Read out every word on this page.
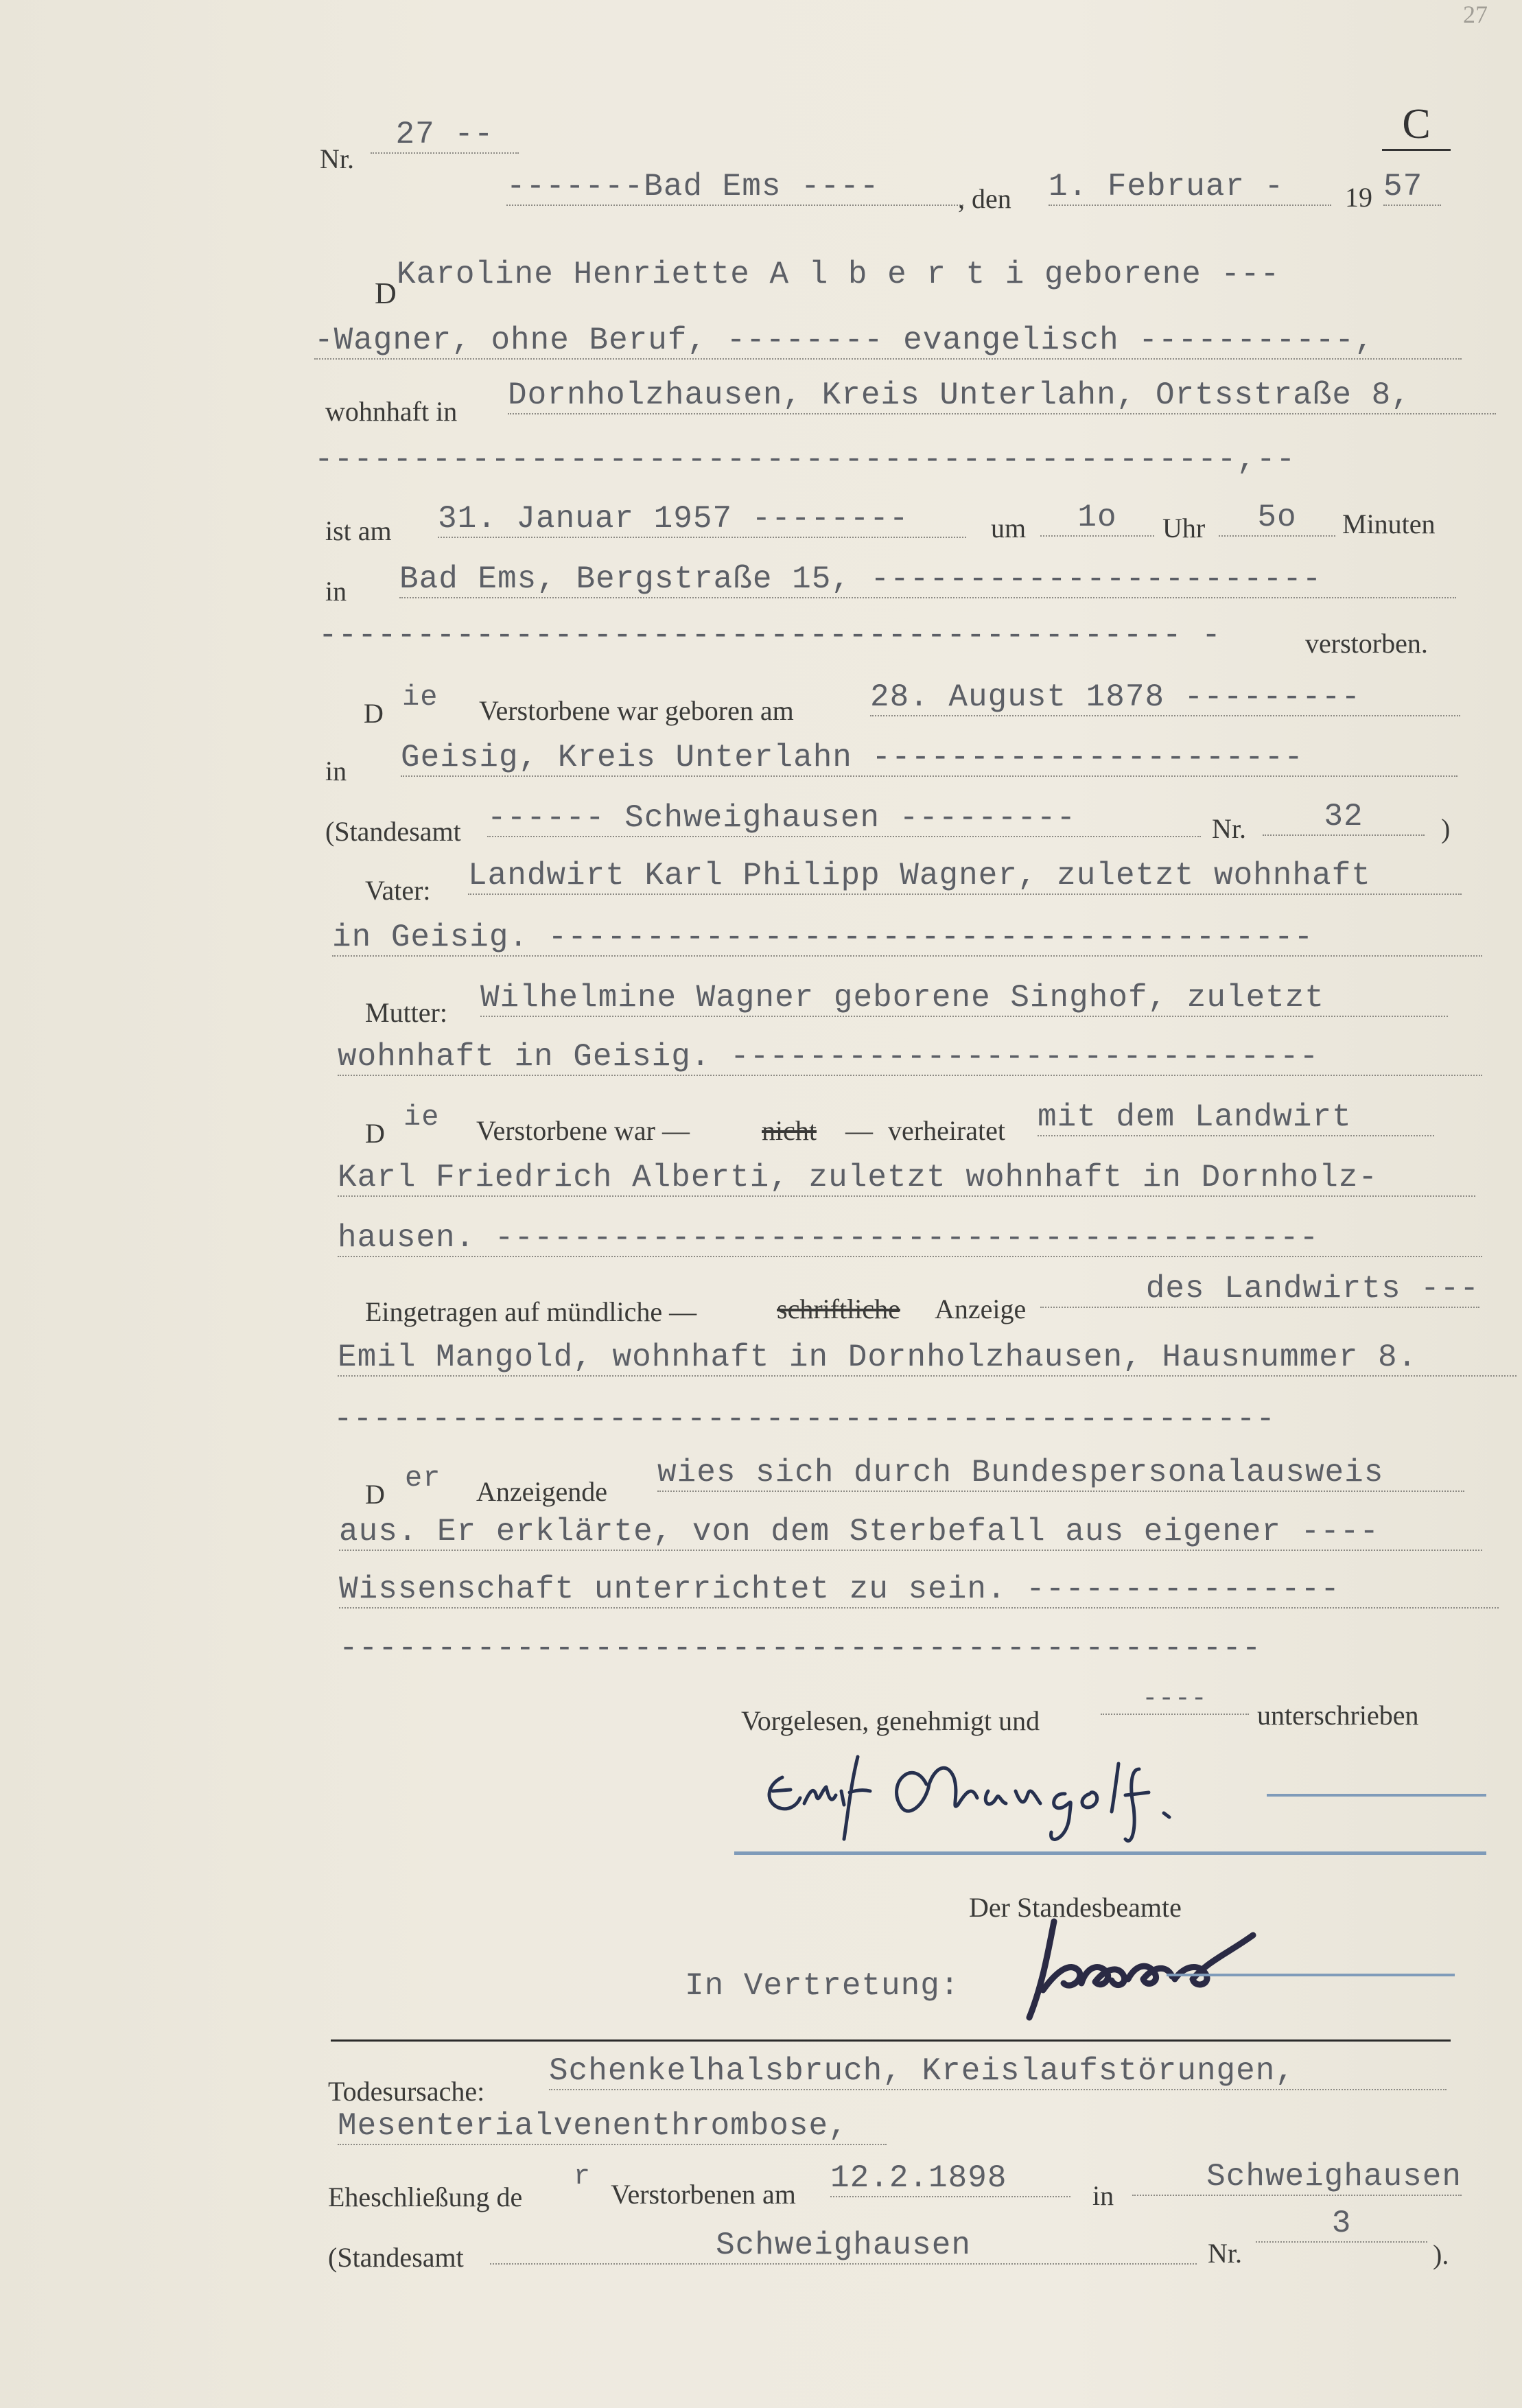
27
Nr.
27 --	C
-------Bad Ems ----	, den 1. Februar -	19 57
D
Karoline Henriette A l b e r t i geborene ---
-Wagner, ohne Beruf, -------- evangelisch -----------,
wohnhaft in Dornholzhausen, Kreis Unterlahn, Ortsstraße 8,
-----------------------------------------------,--
ist am 31. Januar 1957 --------	um	1o	Uhr	5o	Minuten
in Bad Ems, Bergstraße 15, -----------------------
-------------------------------------------- -	verstorben.
D ie Verstorbene war geboren am 28. August 1878 ---------
in Geisig, Kreis Unterlahn ----------------------
(Standesamt ------ Schweighausen ---------	Nr.	32	)
Vater: Landwirt Karl Philipp Wagner, zuletzt wohnhaft
in Geisig. ---------------------------------------
Mutter: Wilhelmine Wagner geborene Singhof, zuletzt
wohnhaft in Geisig. ------------------------------
D ie Verstorbene war —	nicht — verheiratet mit dem Landwirt
Karl Friedrich Alberti, zuletzt wohnhaft in Dornholz-
hausen. ------------------------------------------
Eingetragen auf mündliche —	schriftliche Anzeige
des Landwirts ---
Emil Mangold, wohnhaft in Dornholzhausen, Hausnummer 8.
------------------------------------------------
D er Anzeigende
wies sich durch Bundespersonalausweis
aus. Er erklärte, von dem Sterbefall aus eigener ----
Wissenschaft unterrichtet zu sein. ----------------
-----------------------------------------------
Vorgelesen, genehmigt und
----
unterschrieben
Der Standesbeamte
In Vertretung:
Todesursache:
Schenkelhalsbruch, Kreislaufstörungen,
Mesenterialvenenthrombose,
Eheschließung de
r
Verstorbenen am 12.2.1898	in
Schweighausen
(Standesamt	Schweighausen	Nr.
3
).
